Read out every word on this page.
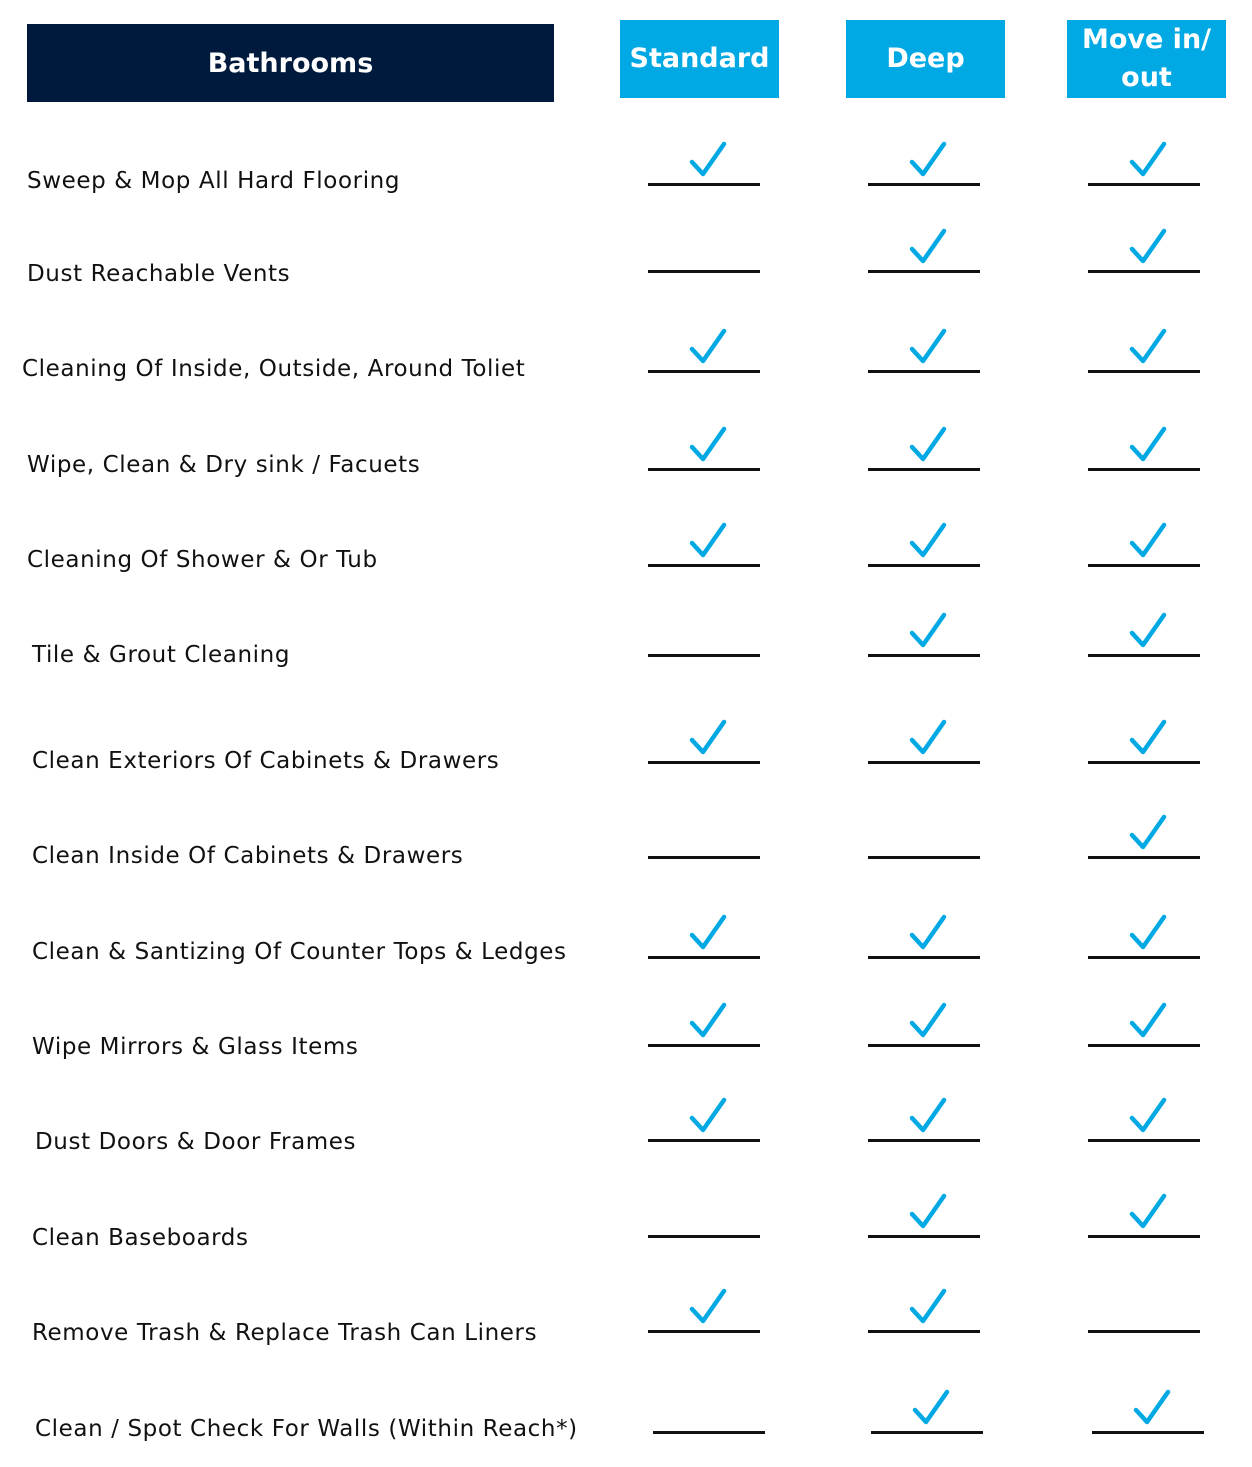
Bathrooms	Standard	Deep
Move in/ out
Sweep & Mop All Hard Flooring
Dust Reachable Vents
Cleaning Of Inside, Outside, Around Toliet
Wipe, Clean & Dry sink / Facuets
Cleaning Of Shower & Or Tub
Tile & Grout Cleaning
Clean Exteriors Of Cabinets & Drawers
Clean Inside Of Cabinets & Drawers
Clean & Santizing Of Counter Tops & Ledges
Wipe Mirrors & Glass Items
Dust Doors & Door Frames
Clean Baseboards
Remove Trash & Replace Trash Can Liners
Clean / Spot Check For Walls (Within Reach*)
